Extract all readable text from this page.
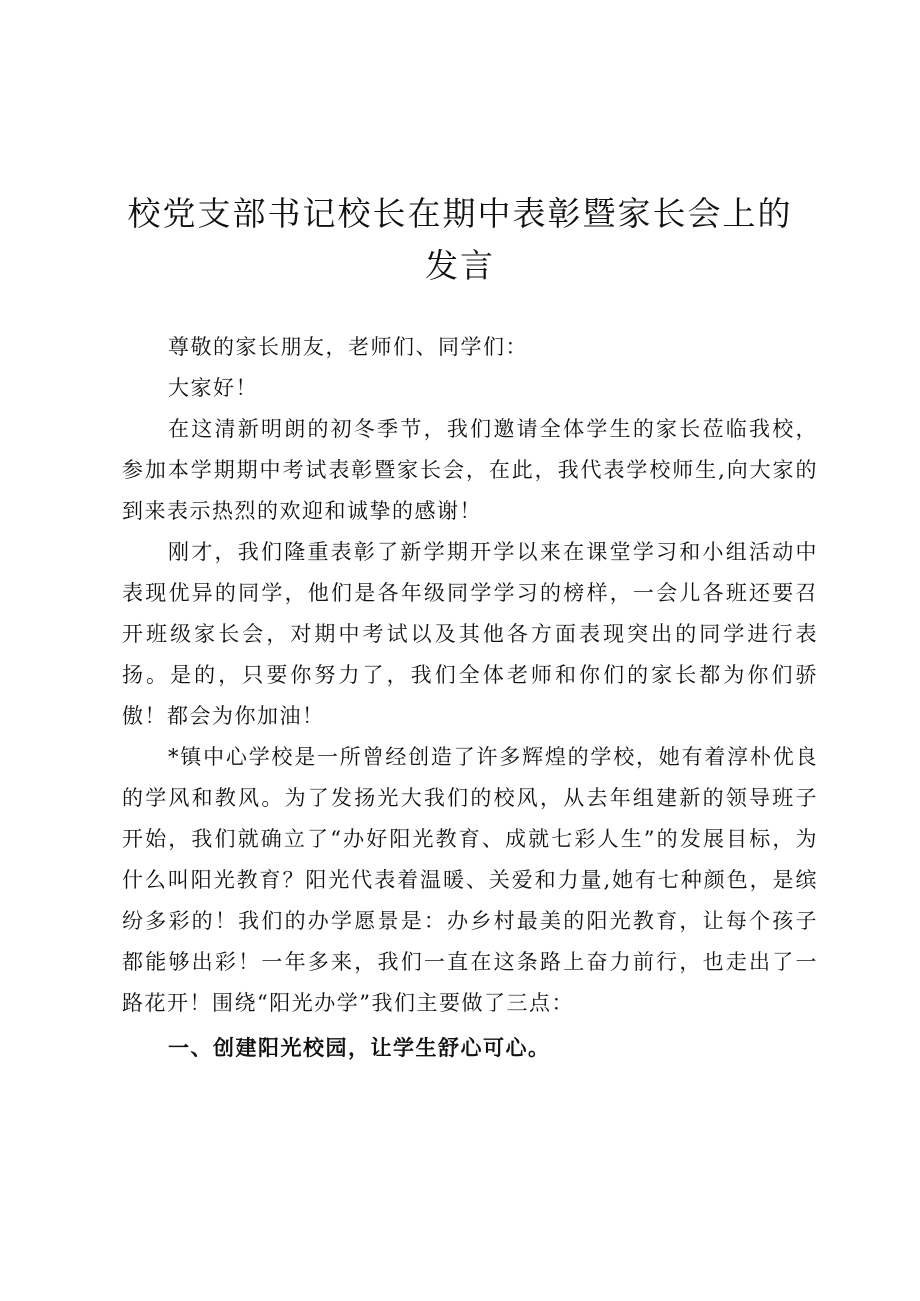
校党支部书记校长在期中表彰暨家长会上的发言

尊敬的家长朋友，老师们、同学们：

大家好！

在这清新明朗的初冬季节，我们邀请全体学生的家长莅临我校，参加本学期期中考试表彰暨家长会，在此，我代表学校师生,向大家的到来表示热烈的欢迎和诚挚的感谢！

刚才，我们隆重表彰了新学期开学以来在课堂学习和小组活动中表现优异的同学，他们是各年级同学学习的榜样，一会儿各班还要召开班级家长会，对期中考试以及其他各方面表现突出的同学进行表扬。是的，只要你努力了，我们全体老师和你们的家长都为你们骄傲！都会为你加油！

*镇中心学校是一所曾经创造了许多辉煌的学校，她有着淳朴优良的学风和教风。为了发扬光大我们的校风，从去年组建新的领导班子开始，我们就确立了“办好阳光教育、成就七彩人生”的发展目标，为什么叫阳光教育？阳光代表着温暖、关爱和力量,她有七种颜色，是缤纷多彩的！我们的办学愿景是：办乡村最美的阳光教育，让每个孩子都能够出彩！一年多来，我们一直在这条路上奋力前行，也走出了一路花开！围绕“阳光办学”我们主要做了三点：

一、创建阳光校园，让学生舒心可心。
